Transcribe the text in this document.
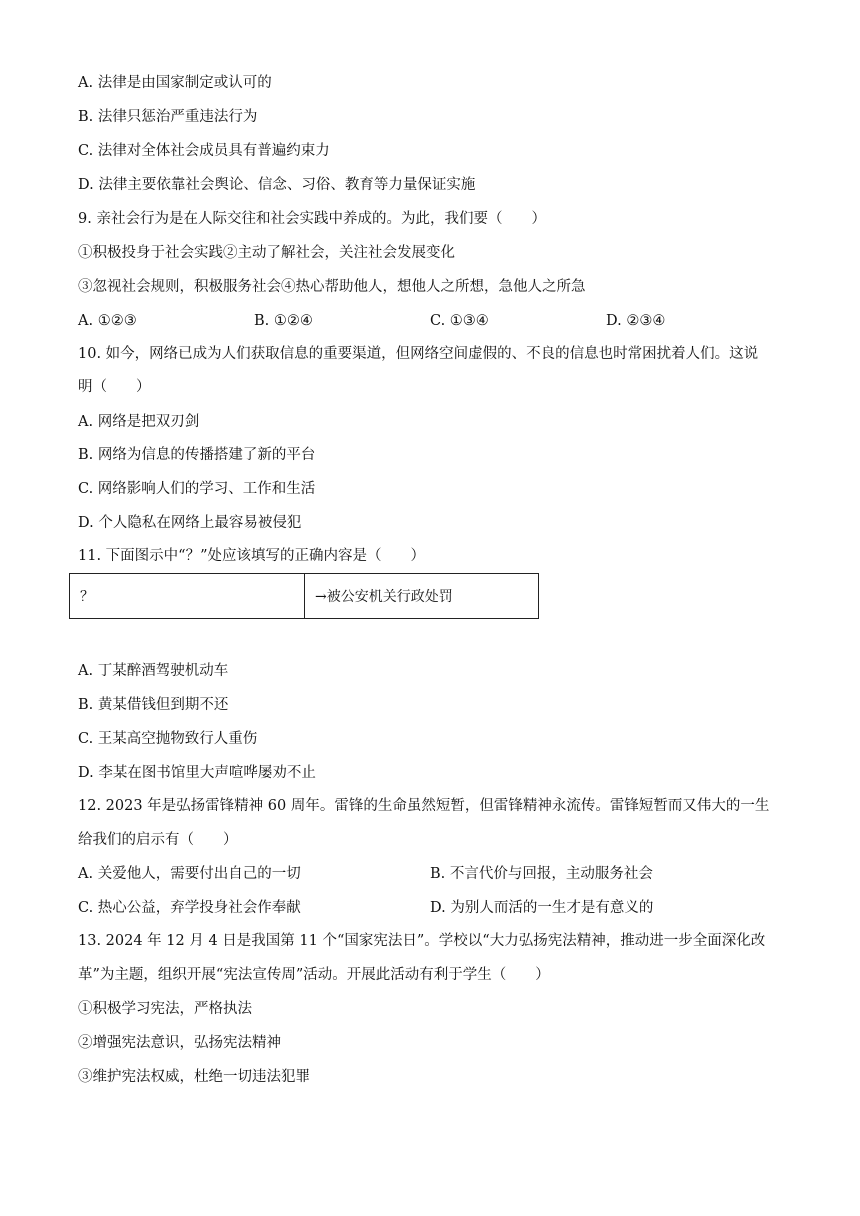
A. 法律是由国家制定或认可的
B. 法律只惩治严重违法行为
C. 法律对全体社会成员具有普遍约束力
D. 法律主要依靠社会舆论、信念、习俗、教育等力量保证实施
9. 亲社会行为是在人际交往和社会实践中养成的。为此，我们要（　　）
①积极投身于社会实践②主动了解社会，关注社会发展变化
③忽视社会规则，积极服务社会④热心帮助他人，想他人之所想，急他人之所急
A. ①②③	B. ①②④	C. ①③④	D. ②③④
10. 如今，网络已成为人们获取信息的重要渠道，但网络空间虚假的、不良的信息也时常困扰着人们。这说
明（　　）
A. 网络是把双刃剑
B. 网络为信息的传播搭建了新的平台
C. 网络影响人们的学习、工作和生活
D. 个人隐私在网络上最容易被侵犯
11. 下面图示中“？”处应该填写的正确内容是（　　）
？	→被公安机关行政处罚
A. 丁某醉酒驾驶机动车
B. 黄某借钱但到期不还
C. 王某高空抛物致行人重伤
D. 李某在图书馆里大声喧哗屡劝不止
12. 2023 年是弘扬雷锋精神 60 周年。雷锋的生命虽然短暂，但雷锋精神永流传。雷锋短暂而又伟大的一生
给我们的启示有（　　）
A. 关爱他人，需要付出自己的一切	B. 不言代价与回报，主动服务社会
C. 热心公益，弃学投身社会作奉献	D. 为别人而活的一生才是有意义的
13. 2024 年 12 月 4 日是我国第 11 个“国家宪法日”。学校以“大力弘扬宪法精神，推动进一步全面深化改
革”为主题，组织开展“宪法宣传周”活动。开展此活动有利于学生（　　）
①积极学习宪法，严格执法
②增强宪法意识，弘扬宪法精神
③维护宪法权威，杜绝一切违法犯罪
